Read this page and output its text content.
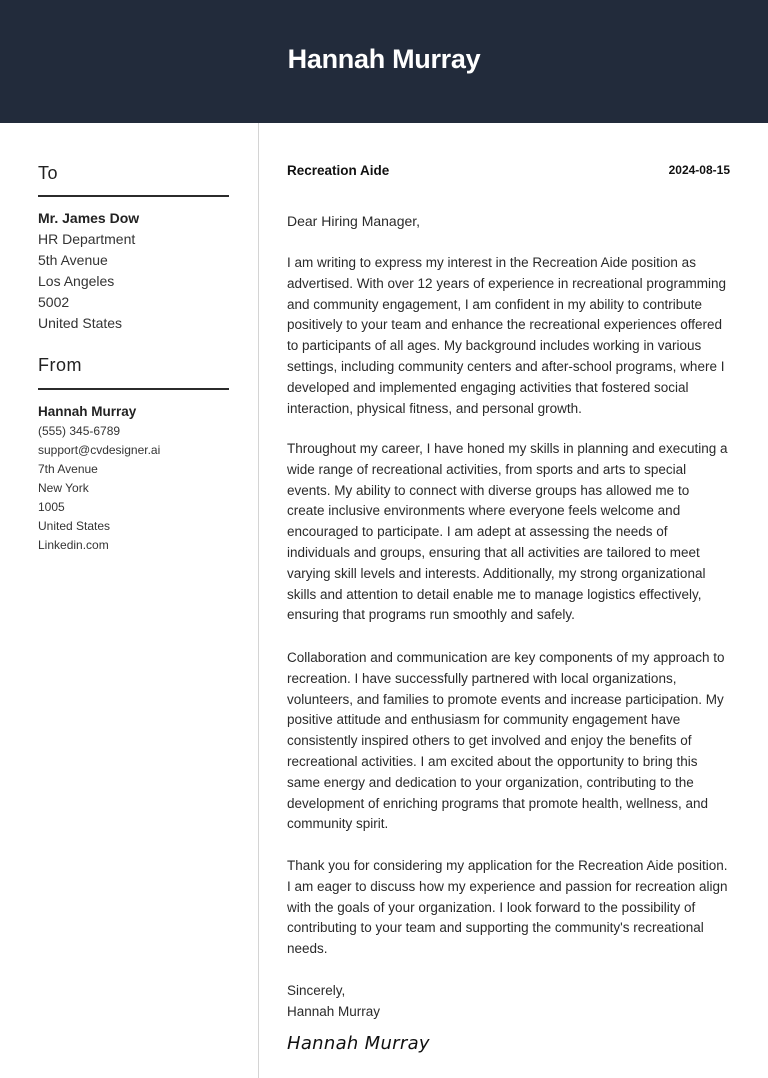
Hannah Murray
To
Mr. James Dow
HR Department
5th Avenue
Los Angeles
5002
United States
From
Hannah Murray
(555) 345-6789
support@cvdesigner.ai
7th Avenue
New York
1005
United States
Linkedin.com
Recreation Aide	2024-08-15
Dear Hiring Manager,

I am writing to express my interest in the Recreation Aide position as advertised. With over 12 years of experience in recreational programming and community engagement, I am confident in my ability to contribute positively to your team and enhance the recreational experiences offered to participants of all ages. My background includes working in various settings, including community centers and after-school programs, where I developed and implemented engaging activities that fostered social interaction, physical fitness, and personal growth.

Throughout my career, I have honed my skills in planning and executing a wide range of recreational activities, from sports and arts to special events. My ability to connect with diverse groups has allowed me to create inclusive environments where everyone feels welcome and encouraged to participate. I am adept at assessing the needs of individuals and groups, ensuring that all activities are tailored to meet varying skill levels and interests. Additionally, my strong organizational skills and attention to detail enable me to manage logistics effectively, ensuring that programs run smoothly and safely.

Collaboration and communication are key components of my approach to recreation. I have successfully partnered with local organizations, volunteers, and families to promote events and increase participation. My positive attitude and enthusiasm for community engagement have consistently inspired others to get involved and enjoy the benefits of recreational activities. I am excited about the opportunity to bring this same energy and dedication to your organization, contributing to the development of enriching programs that promote health, wellness, and community spirit.

Thank you for considering my application for the Recreation Aide position. I am eager to discuss how my experience and passion for recreation align with the goals of your organization. I look forward to the possibility of contributing to your team and supporting the community's recreational needs.

Sincerely,
Hannah Murray
Hannah Murray
